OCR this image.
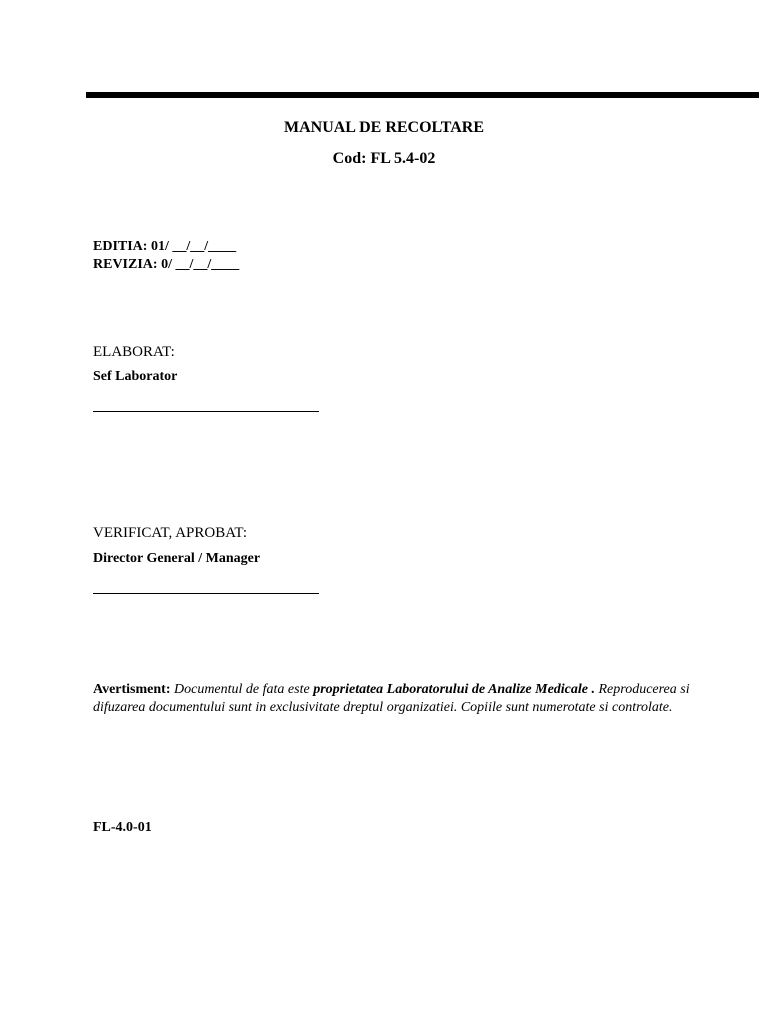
MANUAL DE RECOLTARE
Cod: FL 5.4-02
EDITIA: 01/ __/__/____
REVIZIA: 0/ __/__/____
ELABORAT:
Sef Laborator
VERIFICAT, APROBAT:
Director General / Manager
Avertisment: Documentul de fata este proprietatea Laboratorului de Analize Medicale . Reproducerea si difuzarea documentului sunt in exclusivitate dreptul organizatiei. Copiile sunt numerotate si controlate.
FL-4.0-01
